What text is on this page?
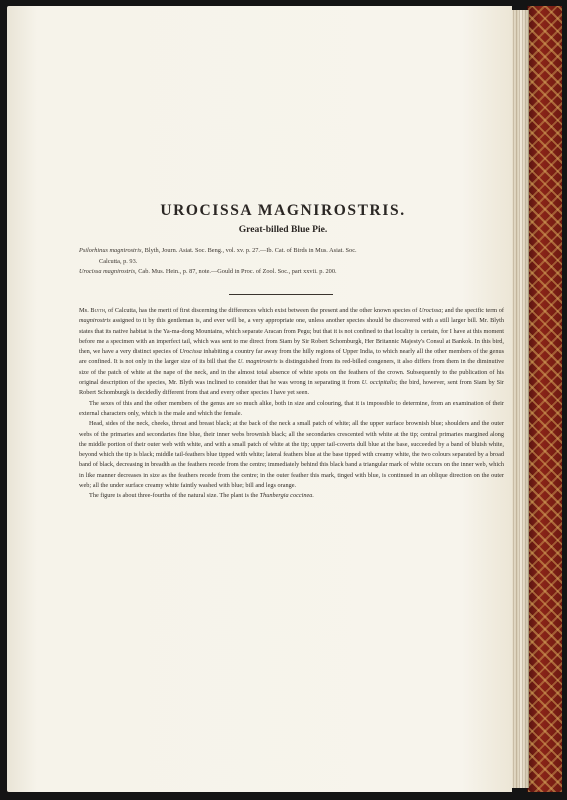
UROCISSA MAGNIROSTRIS.
Great-billed Blue Pie.
Psilorhinus magnirostris, Blyth, Journ. Asiat. Soc. Beng., vol. xv. p. 27.—Ib. Cat. of Birds in Mus. Asiat. Soc.
Calcutta, p. 93.
Urocissa magnirostris, Cab. Mus. Hein., p. 87, note.—Gould in Proc. of Zool. Soc., part xxvii. p. 200.

Mr. Blyth, of Calcutta, has the merit of first discerning the differences which exist between the present and the other known species of Urocissa; and the specific term of magnirostris assigned to it by this gentleman is, and ever will be, a very appropriate one, unless another species should be discovered with a still larger bill. Mr. Blyth states that its native habitat is the Ya-ma-dong Mountains, which separate Aracan from Pegu; but that it is not confined to that locality is certain, for I have at this moment before me a specimen with an imperfect tail, which was sent to me direct from Siam by Sir Robert Schomburgk, Her Britannic Majesty's Consul at Bankok. In this bird, then, we have a very distinct species of Urocissa inhabiting a country far away from the hilly regions of Upper India, to which nearly all the other members of the genus are confined. It is not only in the larger size of its bill that the U. magnirostris is distinguished from its red-billed congeners, it also differs from them in the diminutive size of the patch of white at the nape of the neck, and in the almost total absence of white spots on the feathers of the crown. Subsequently to the publication of his original description of the species, Mr. Blyth was inclined to consider that he was wrong in separating it from U. occipitalis; the bird, however, sent from Siam by Sir Robert Schomburgk is decidedly different from that and every other species I have yet seen.

The sexes of this and the other members of the genus are so much alike, both in size and colouring, that it is impossible to determine, from an examination of their external characters only, which is the male and which the female.

Head, sides of the neck, cheeks, throat and breast black; at the back of the neck a small patch of white; all the upper surface brownish blue; shoulders and the outer webs of the primaries and secondaries fine blue, their inner webs brownish black; all the secondaries crescented with white at the tip; central primaries margined along the middle portion of their outer web with white, and with a small patch of white at the tip; upper tail-coverts dull blue at the base, succeeded by a band of bluish white, beyond which the tip is black; middle tail-feathers blue tipped with white; lateral feathers blue at the base tipped with creamy white, the two colours separated by a broad band of black, decreasing in breadth as the feathers recede from the centre; immediately behind this black band a triangular mark of white occurs on the inner web, which in like manner decreases in size as the feathers recede from the centre; in the outer feather this mark, tinged with blue, is continued in an oblique direction on the outer web; all the under surface creamy white faintly washed with blue; bill and legs orange.

The figure is about three-fourths of the natural size. The plant is the Thunbergia coccinea.
